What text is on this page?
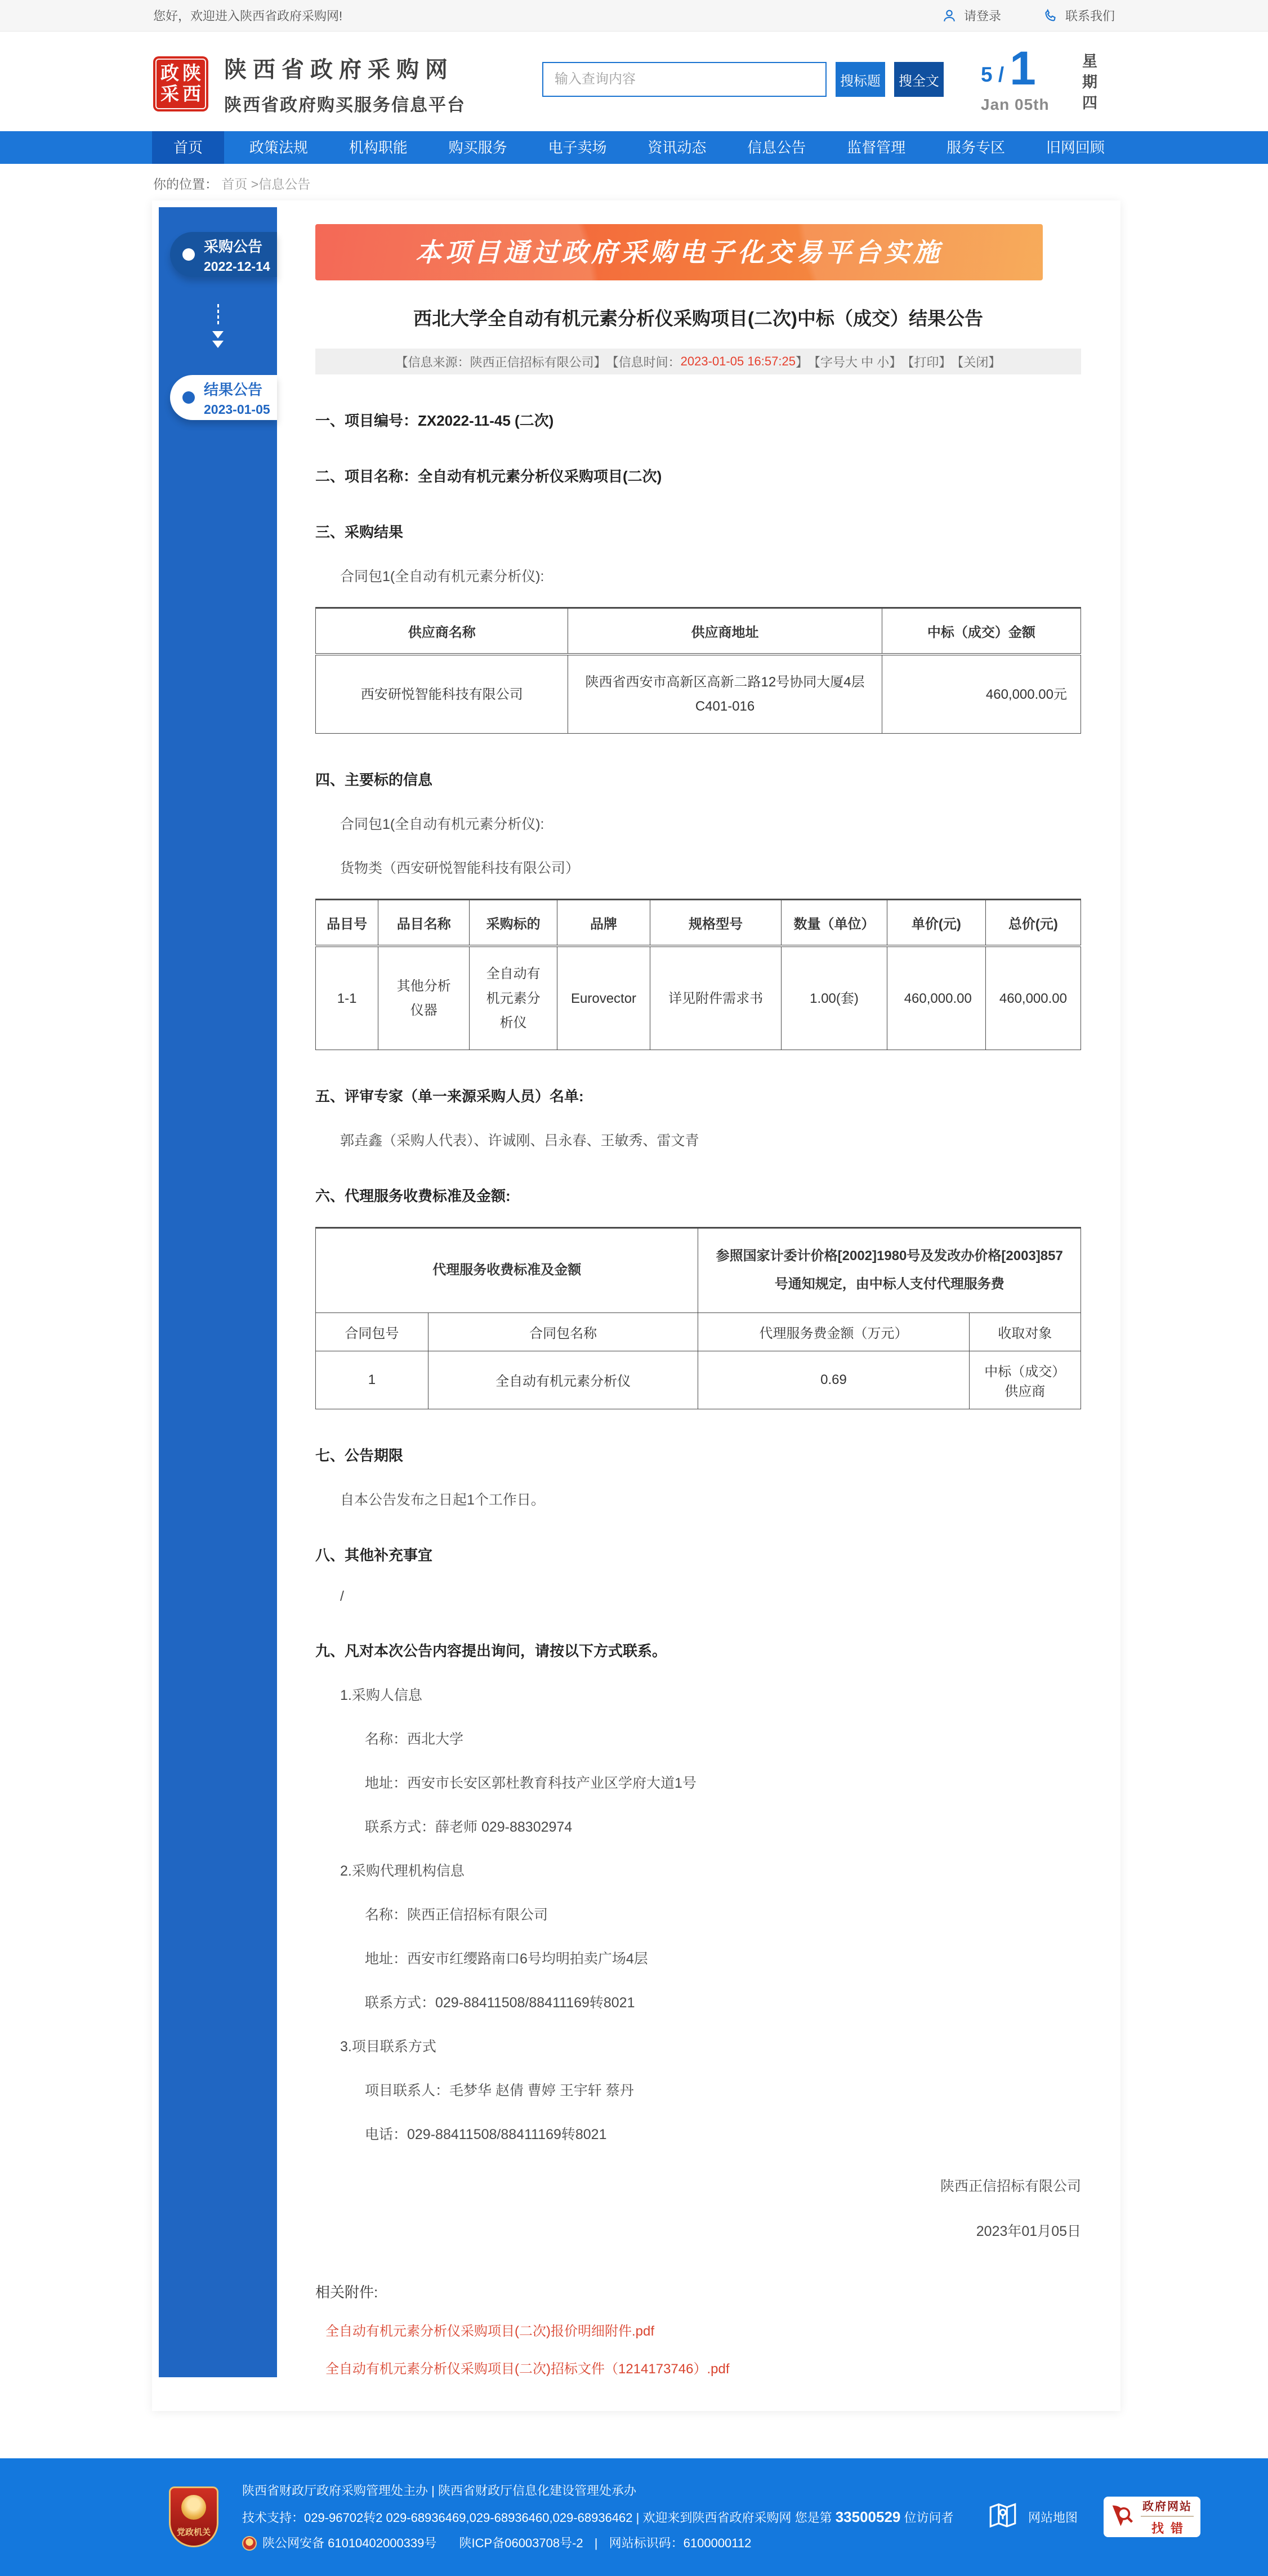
您好，欢迎进入陕西省政府采购网!	请登录	联系我们
政 陕
采 西
陕西省政府采购网
陕西省政府购买服务信息平台
输入查询内容
搜标题	搜全文 5 / 1
Jan 05th 星期四
首页	政策法规	机构职能	购买服务	电子卖场	资讯动态	信息公告	监督管理	服务专区	旧网回顾
你的位置： 首页 >信息公告
采购公告
2022-12-14
结果公告
2023-01-05
本项目通过政府采购电子化交易平台实施
西北大学全自动有机元素分析仪采购项目(二次)中标（成交）结果公告
【信息来源：陕西正信招标有限公司】 【信息时间： 2023-01-05 16:57:25 】 【字号 大
中
小 】 【打印】 【关闭】
一、项目编号：ZX2022-11-45 (二次)
二、项目名称：全自动有机元素分析仪采购项目(二次)
三、采购结果

合同包1(全自动有机元素分析仪):

供应商名称	供应商地址	中标（成交）金额
西安研悦智能科技有限公司	陕西省西安市高新区高新二路12号协同大厦4层C401-016	460,000.00元
四、主要标的信息

合同包1(全自动有机元素分析仪):

货物类（西安研悦智能科技有限公司）

品目号	品目名称	采购标的	品牌	规格型号	数量（单位）	单价(元)	总价(元)
1-1	其他分析仪器	全自动有机元素分析仪	Eurovector	详见附件需求书	1.00(套)	460,000.00	460,000.00
五、评审专家（单一来源采购人员）名单:

郭垚鑫（采购人代表）、许诚刚、吕永春、王敏秀、雷文青

六、代理服务收费标准及金额:
代理服务收费标准及金额		参照国家计委计价格[2002]1980号及发改办价格[2003]857号通知规定，由中标人支付代理服务费	
合同包号	合同包名称	代理服务费金额（万元）	收取对象
1	全自动有机元素分析仪	0.69	中标（成交）供应商
七、公告期限

自本公告发布之日起1个工作日。

八、其他补充事宜

/

九、凡对本次公告内容提出询问，请按以下方式联系。

1.采购人信息

名称：西北大学

地址：西安市长安区郭杜教育科技产业区学府大道1号

联系方式：薛老师 029-88302974

2.采购代理机构信息

名称：陕西正信招标有限公司

地址：西安市红缨路南口6号均明拍卖广场4层

联系方式：029-88411508/88411169转8021

3.项目联系方式

项目联系人：毛梦华 赵倩 曹婷 王宇轩 蔡丹

电话：029-88411508/88411169转8021

陕西正信招标有限公司
2023年01月05日
相关附件:
全自动有机元素分析仪采购项目(二次)报价明细附件.pdf
全自动有机元素分析仪采购项目(二次)招标文件（1214173746）.pdf
党政机关

陕西省财政厅政府采购管理处主办 | 陕西省财政厅信息化建设管理处承办

技术支持：029-96702转2 029-68936469,029-68936460,029-68936462 | 欢迎来到陕西省政府采购网 您是第 33500529 位访问者

陕公网安备 61010402000339号 陕ICP备06003708号-2 | 网站标识码：6100000112

网站地图
政府网站
找错
